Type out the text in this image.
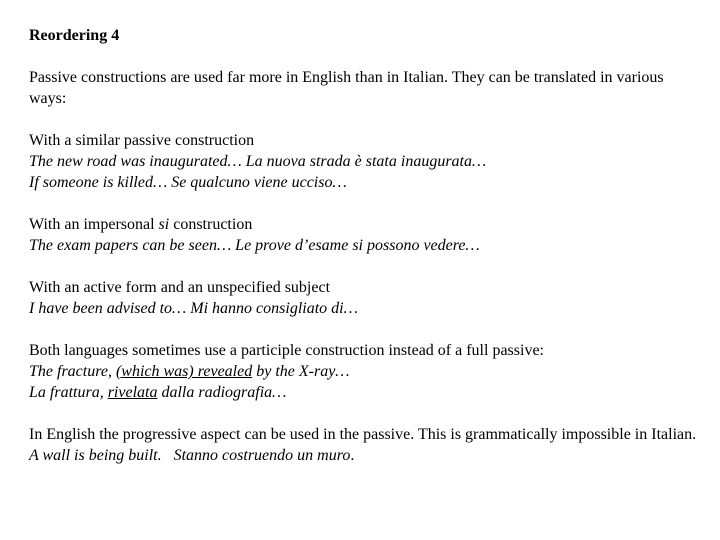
Reordering 4
Passive constructions are used far more in English than in Italian. They can be translated in various ways:
With a similar passive construction
The new road was inaugurated… La nuova strada è stata inaugurata…
If someone is killed… Se qualcuno viene ucciso…
With an impersonal si construction
The exam papers can be seen… Le prove d’esame si possono vedere…
With an active form and an unspecified subject
I have been advised to… Mi hanno consigliato di…
Both languages sometimes use a participle construction instead of a full passive:
The fracture, (which was) revealed by the X-ray…
La frattura, rivelata dalla radiografia…
In English the progressive aspect can be used in the passive. This is grammatically impossible in Italian.
A wall is being built. Stanno costruendo un muro.
